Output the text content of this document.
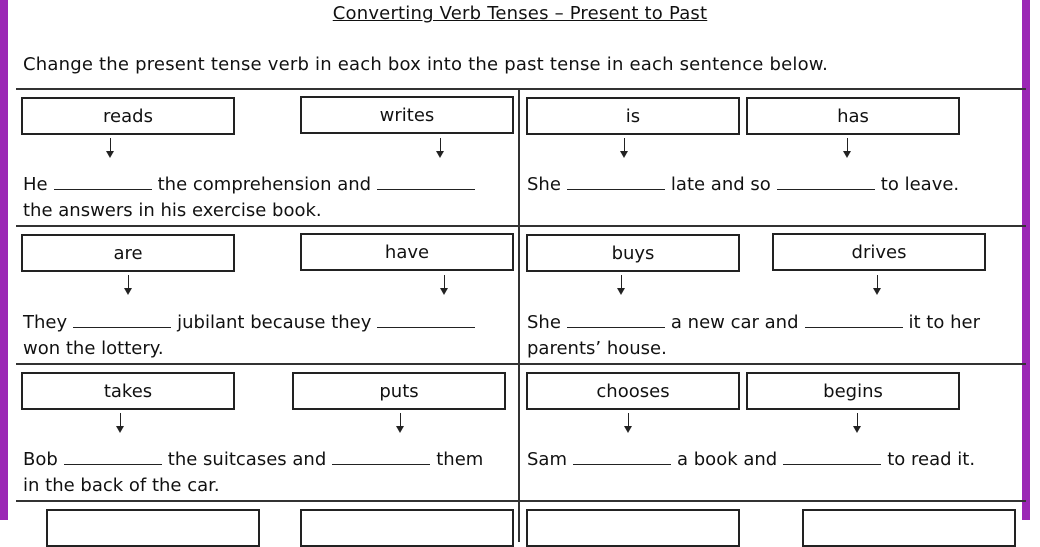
Converting Verb Tenses – Present to Past
Change the present tense verb in each box into the past tense in each sentence below.
reads	writes
He	the comprehension and
the answers in his exercise book.
is	has
She	late and so	to leave.
are	have
They	jubilant because they
won the lottery.
buys	drives
She	a new car and	it to her
parents’ house.
takes	puts
Bob	the suitcases and	them
in the back of the car.
chooses	begins
Sam	a book and	to read it.
